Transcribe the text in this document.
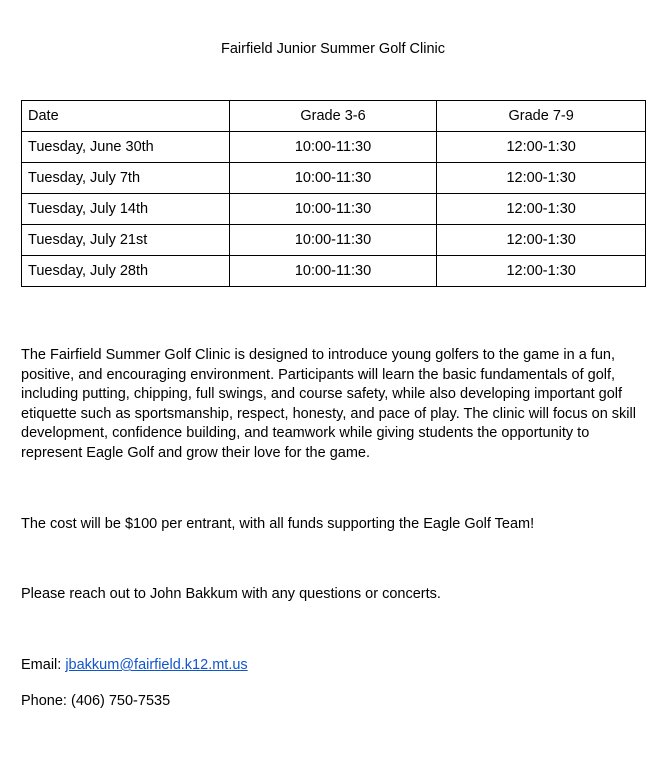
Fairfield Junior Summer Golf Clinic
Date	Grade 3-6	Grade 7-9
Tuesday, June 30th	10:00-11:30	12:00-1:30
Tuesday, July 7th	10:00-11:30	12:00-1:30
Tuesday, July 14th	10:00-11:30	12:00-1:30
Tuesday, July 21st	10:00-11:30	12:00-1:30
Tuesday, July 28th	10:00-11:30	12:00-1:30

The Fairfield Summer Golf Clinic is designed to introduce young golfers to the game in a fun, positive, and encouraging environment. Participants will learn the basic fundamentals of golf, including putting, chipping, full swings, and course safety, while also developing important golf etiquette such as sportsmanship, respect, honesty, and pace of play. The clinic will focus on skill development, confidence building, and teamwork while giving students the opportunity to represent Eagle Golf and grow their love for the game.

The cost will be $100 per entrant, with all funds supporting the Eagle Golf Team!

Please reach out to John Bakkum with any questions or concerts.

Email: jbakkum@fairfield.k12.mt.us

Phone: (406) 750-7535
